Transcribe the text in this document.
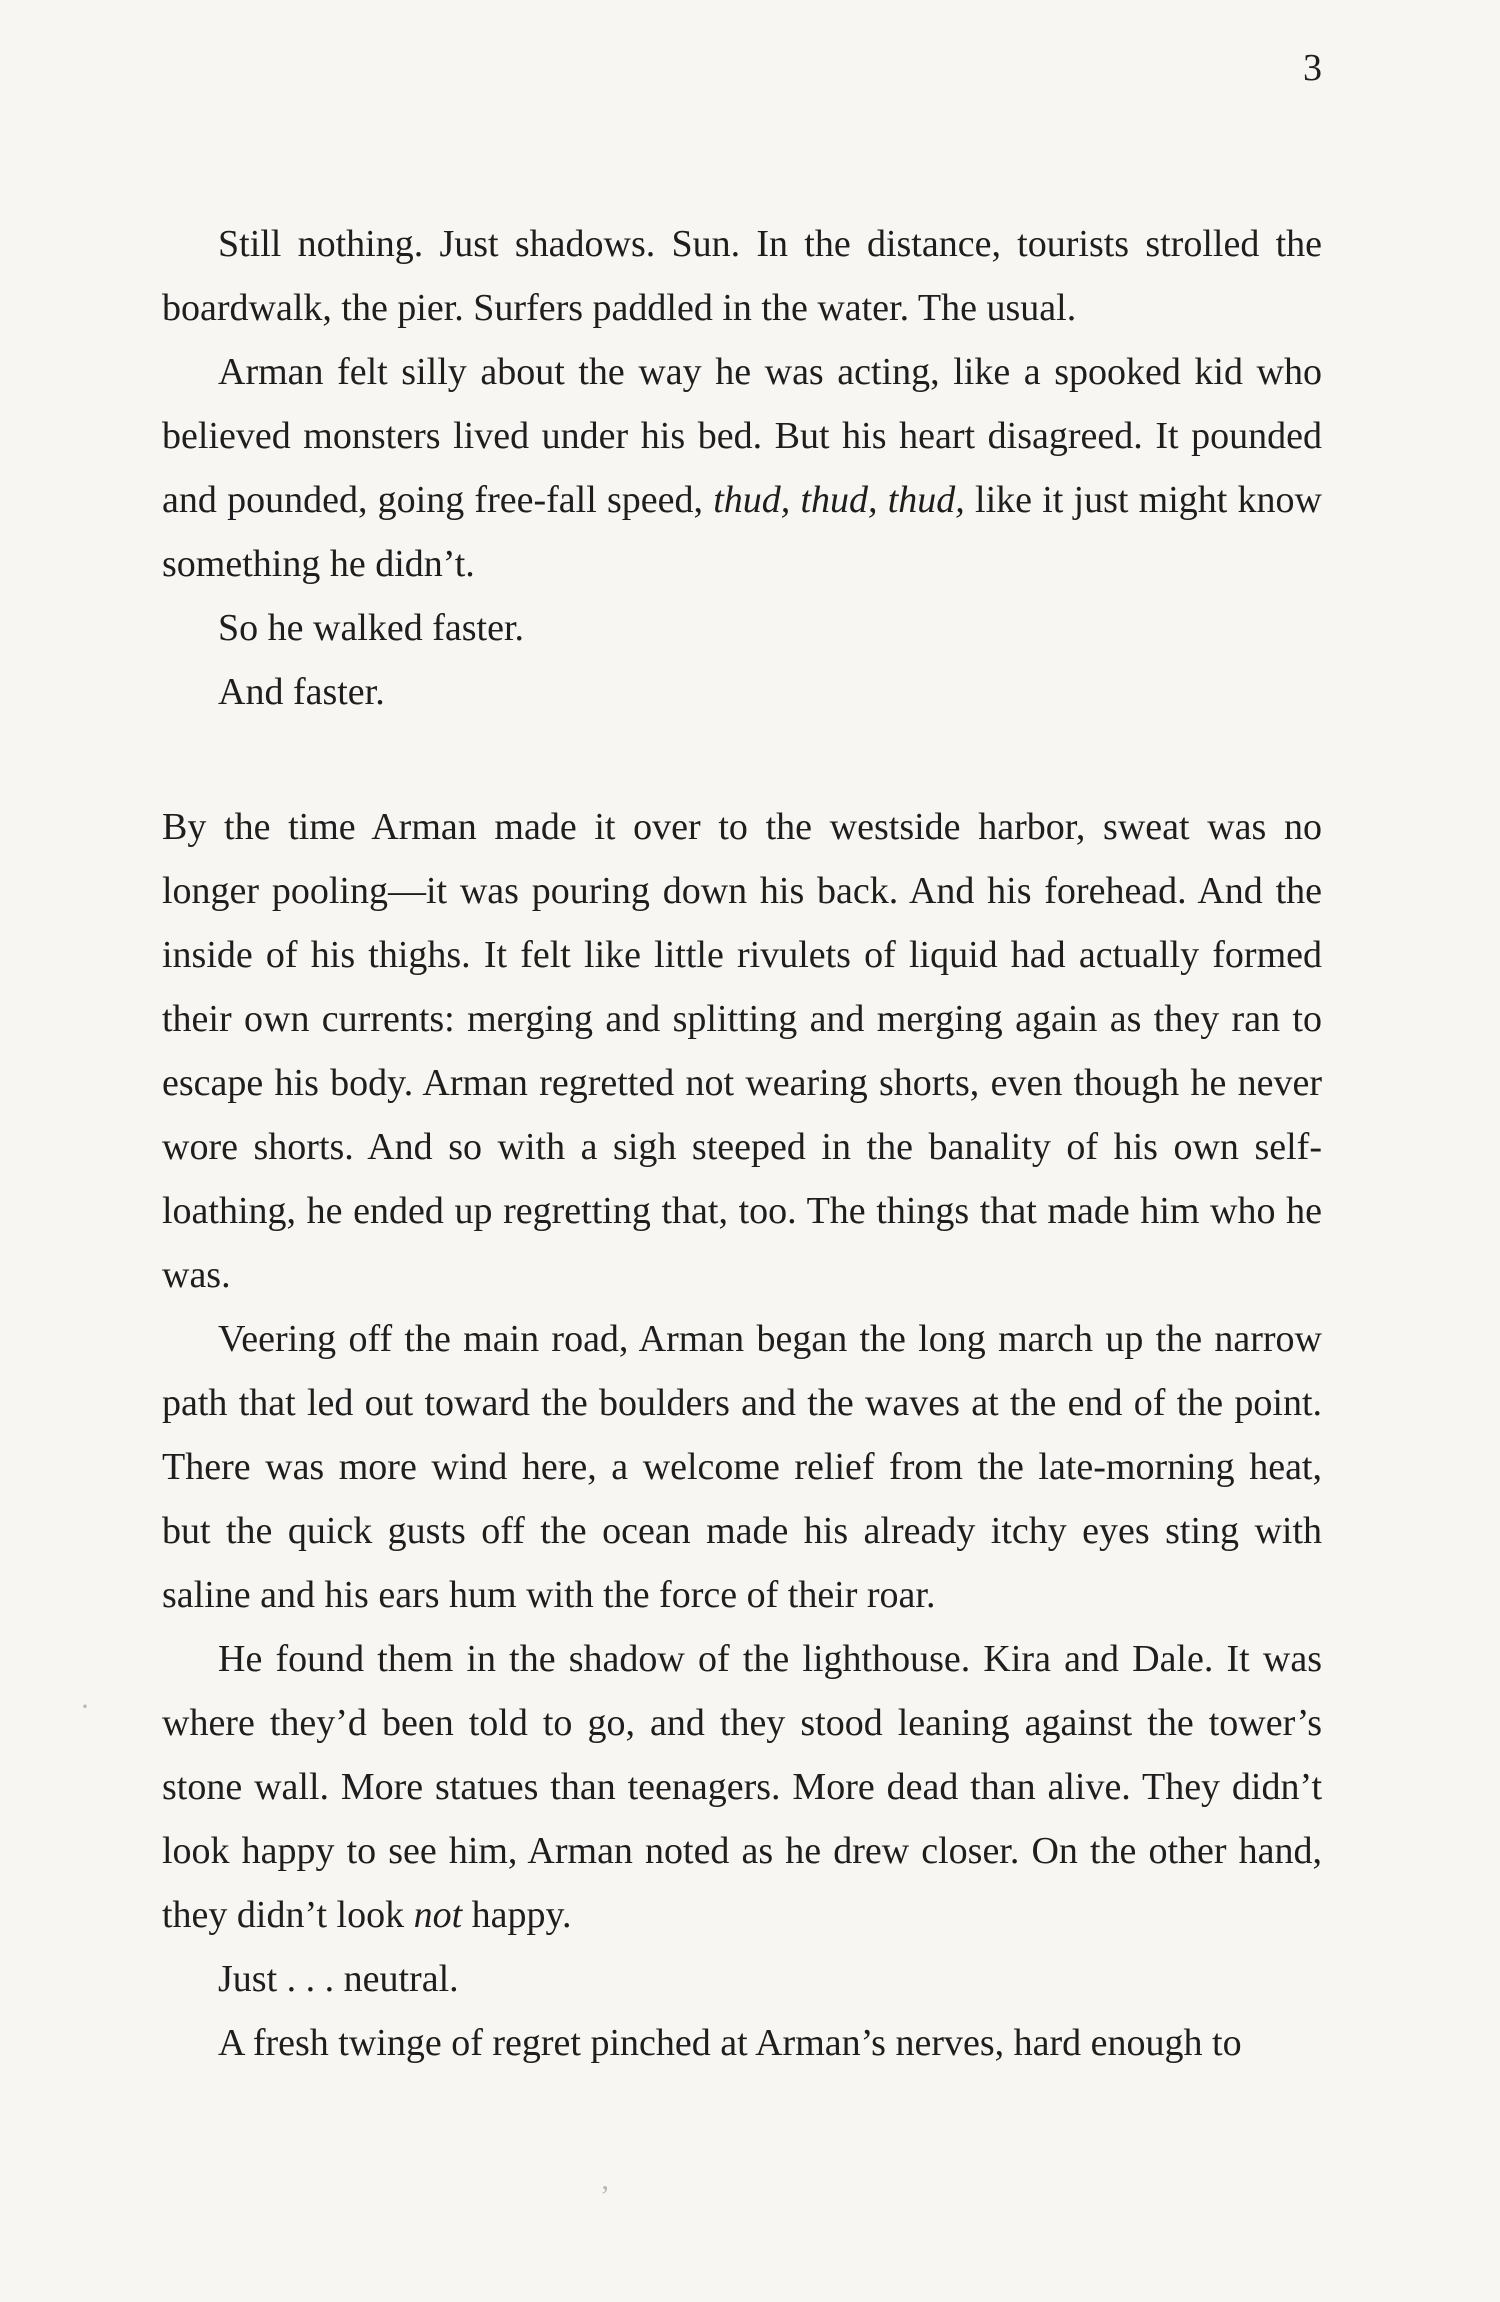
3

Still nothing. Just shadows. Sun. In the distance, tourists strolled the boardwalk, the pier. Surfers paddled in the water. The usual.

Arman felt silly about the way he was acting, like a spooked kid who believed monsters lived under his bed. But his heart disagreed. It pounded and pounded, going free-fall speed, thud, thud, thud, like it just might know something he didn’t.

So he walked faster.

And faster.

By the time Arman made it over to the westside harbor, sweat was no longer pooling—it was pouring down his back. And his forehead. And the inside of his thighs. It felt like little rivulets of liquid had actually formed their own currents: merging and splitting and merging again as they ran to escape his body. Arman regretted not wearing shorts, even though he never wore shorts. And so with a sigh steeped in the banality of his own self-loathing, he ended up regretting that, too. The things that made him who he was.

Veering off the main road, Arman began the long march up the narrow path that led out toward the boulders and the waves at the end of the point. There was more wind here, a welcome relief from the late-morning heat, but the quick gusts off the ocean made his already itchy eyes sting with saline and his ears hum with the force of their roar.

He found them in the shadow of the lighthouse. Kira and Dale. It was where they’d been told to go, and they stood leaning against the tower’s stone wall. More statues than teenagers. More dead than alive. They didn’t look happy to see him, Arman noted as he drew closer. On the other hand, they didn’t look not happy.

Just . . . neutral.

A fresh twinge of regret pinched at Arman’s nerves, hard enough to

ʼ
·
